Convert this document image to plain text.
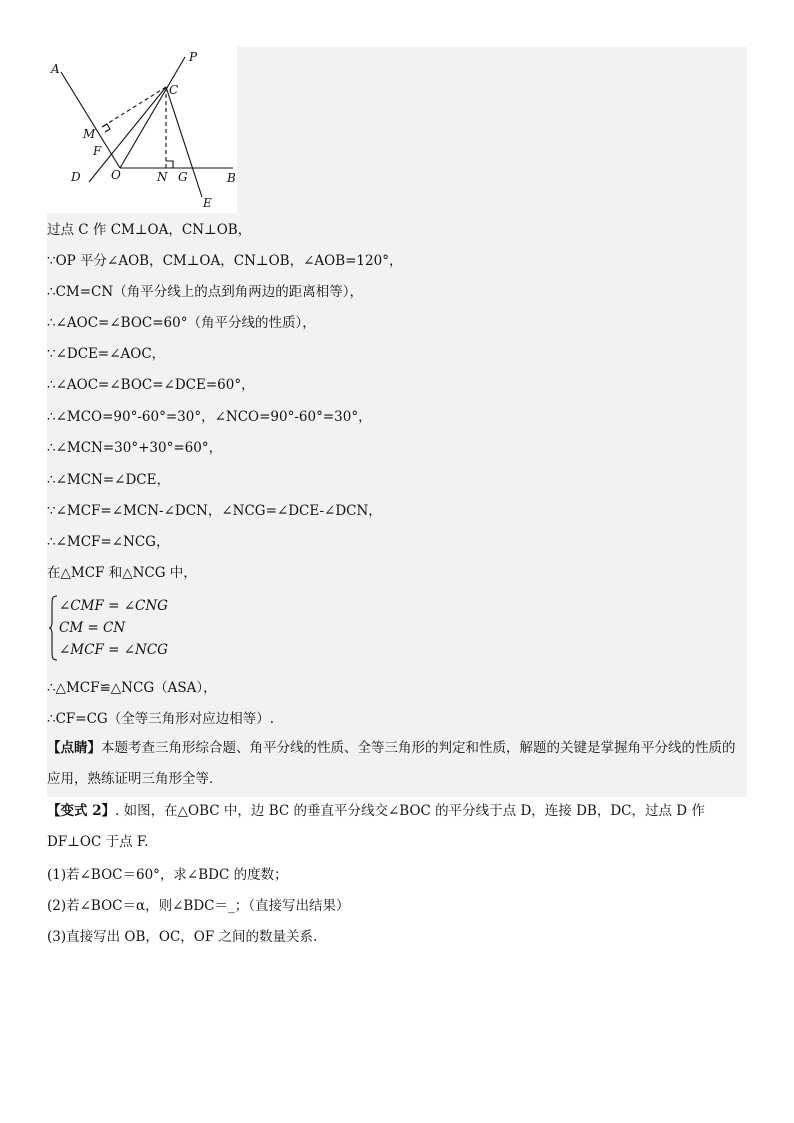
A
P
C
M
F
D	O	N G	B
E
过点 C 作 CM⊥OA，CN⊥OB，
∵OP 平分∠AOB，CM⊥OA，CN⊥OB，∠AOB=120°，
∴CM=CN（角平分线上的点到角两边的距离相等），
∴∠AOC=∠BOC=60°（角平分线的性质），
∵∠DCE=∠AOC，
∴∠AOC=∠BOC=∠DCE=60°，
∴∠MCO=90°-60°=30°，∠NCO=90°-60°=30°，
∴∠MCN=30°+30°=60°，
∴∠MCN=∠DCE，
∵∠MCF=∠MCN-∠DCN，∠NCG=∠DCE-∠DCN，
∴∠MCF=∠NCG，
在△MCF 和△NCG 中，
∠CMF = ∠CNG
CM = CN
∠MCF = ∠NCG
∴△MCF≌△NCG（ASA），
∴CF=CG（全等三角形对应边相等）.
【点睛】本题考查三角形综合题、角平分线的性质、全等三角形的判定和性质，解题的关键是掌握角平分线的性质的应用，熟练证明三角形全等．
【变式 2】. 如图，在△OBC 中，边 BC 的垂直平分线交∠BOC 的平分线于点 D，连接 DB，DC，过点 D 作 DF⊥OC 于点 F.
(1)若∠BOC＝60°，求∠BDC 的度数；
(2)若∠BOC＝α，则∠BDC＝_；（直接写出结果）
(3)直接写出 OB，OC，OF 之间的数量关系.
